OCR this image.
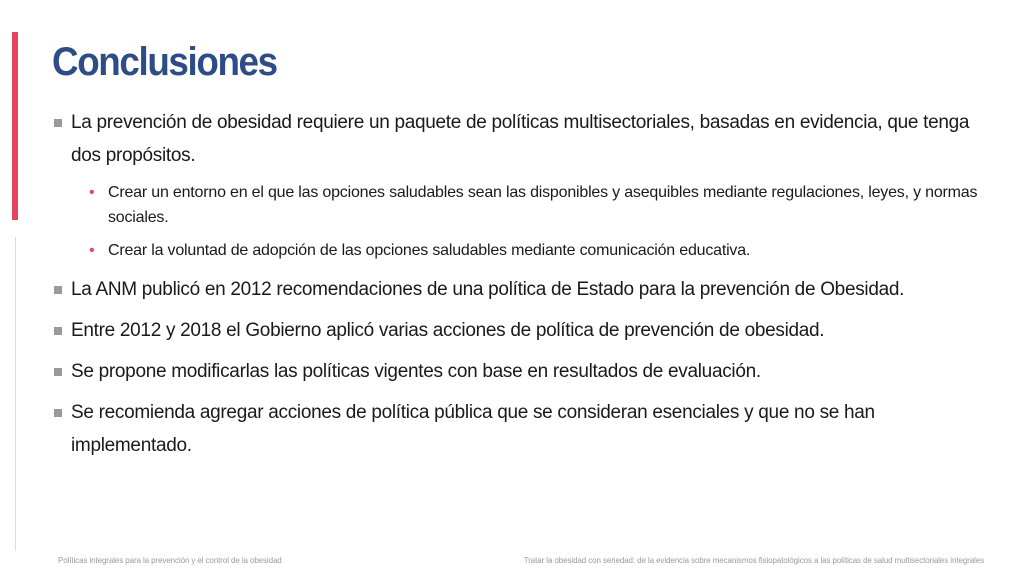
Conclusiones
La prevención de obesidad requiere un paquete de políticas multisectoriales, basadas en evidencia, que tenga dos propósitos.
• Crear un entorno en el que las opciones saludables sean las disponibles y asequibles mediante regulaciones, leyes, y normas sociales.
• Crear la voluntad de adopción de las opciones saludables mediante comunicación educativa.
La ANM publicó en 2012 recomendaciones de una política de Estado para la prevención de Obesidad.
Entre 2012 y 2018 el Gobierno aplicó varias acciones de política de prevención de obesidad.
Se propone modificarlas las políticas vigentes con base en resultados de evaluación.
Se recomienda agregar acciones de política pública que se consideran esenciales y que no se han implementado.
Políticas integrales para la prevención y el control de la obesidad	Tratar la obesidad con seriedad: de la evidencia sobre mecanismos fisiopatológicos a las políticas de salud multisectoriales integrales
